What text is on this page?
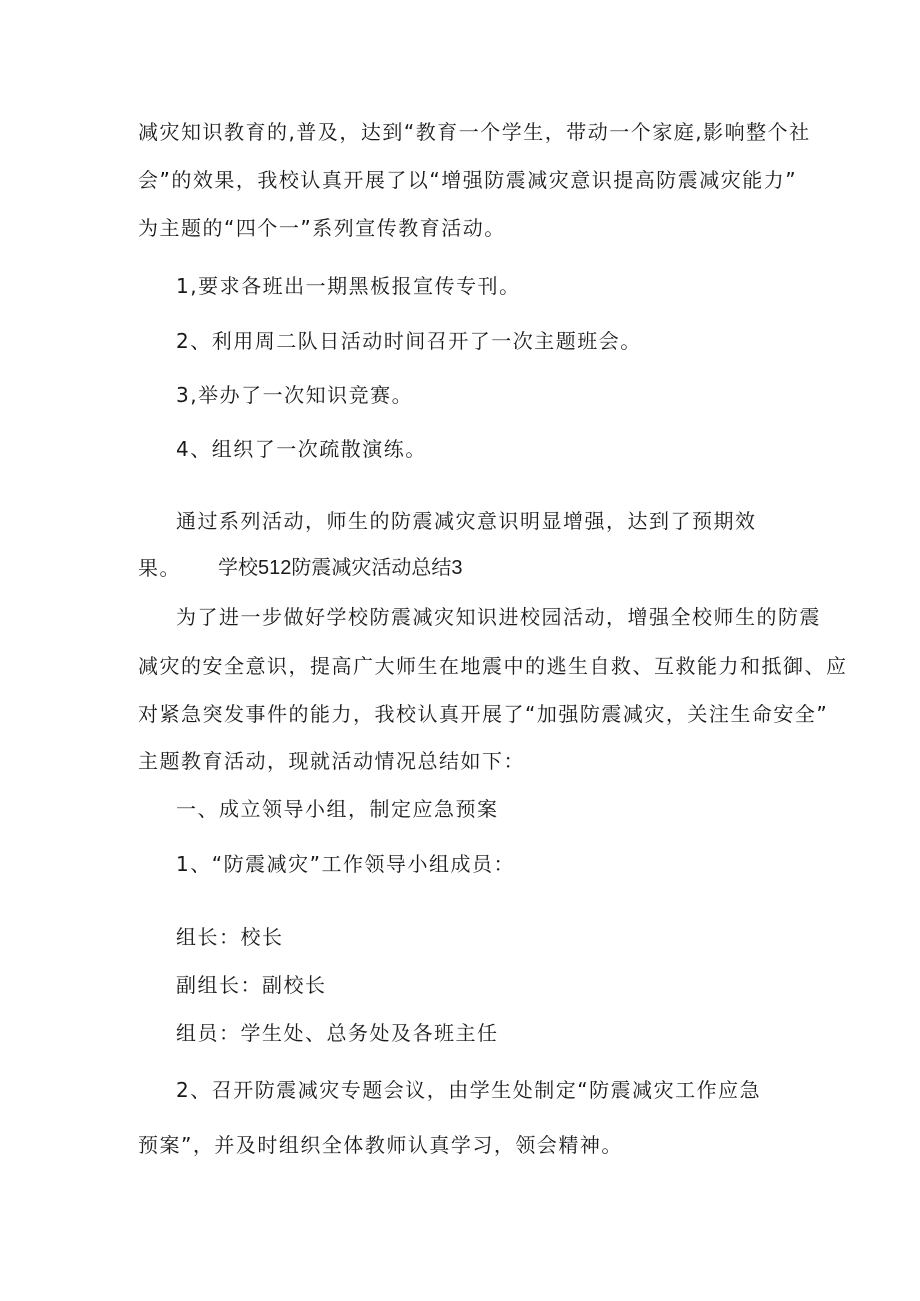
减灾知识教育的,普及，达到“教育一个学生，带动一个家庭,影响整个社
会”的效果，我校认真开展了以“增强防震减灾意识提高防震减灾能力”
为主题的“四个一”系列宣传教育活动。
1,要求各班出一期黑板报宣传专刊。
2、利用周二队日活动时间召开了一次主题班会。
3,举办了一次知识竞赛。
4、组织了一次疏散演练。
通过系列活动，师生的防震减灾意识明显增强，达到了预期效
果。 学校512防震减灾活动总结3
为了进一步做好学校防震减灾知识进校园活动，增强全校师生的防震
减灾的安全意识，提高广大师生在地震中的逃生自救、互救能力和抵御、应
对紧急突发事件的能力，我校认真开展了“加强防震减灾，关注生命安全”
主题教育活动，现就活动情况总结如下：
一、成立领导小组，制定应急预案
1、“防震减灾”工作领导小组成员：
组长：校长
副组长：副校长
组员：学生处、总务处及各班主任
2、召开防震减灾专题会议，由学生处制定“防震减灾工作应急
预案”，并及时组织全体教师认真学习，领会精神。
